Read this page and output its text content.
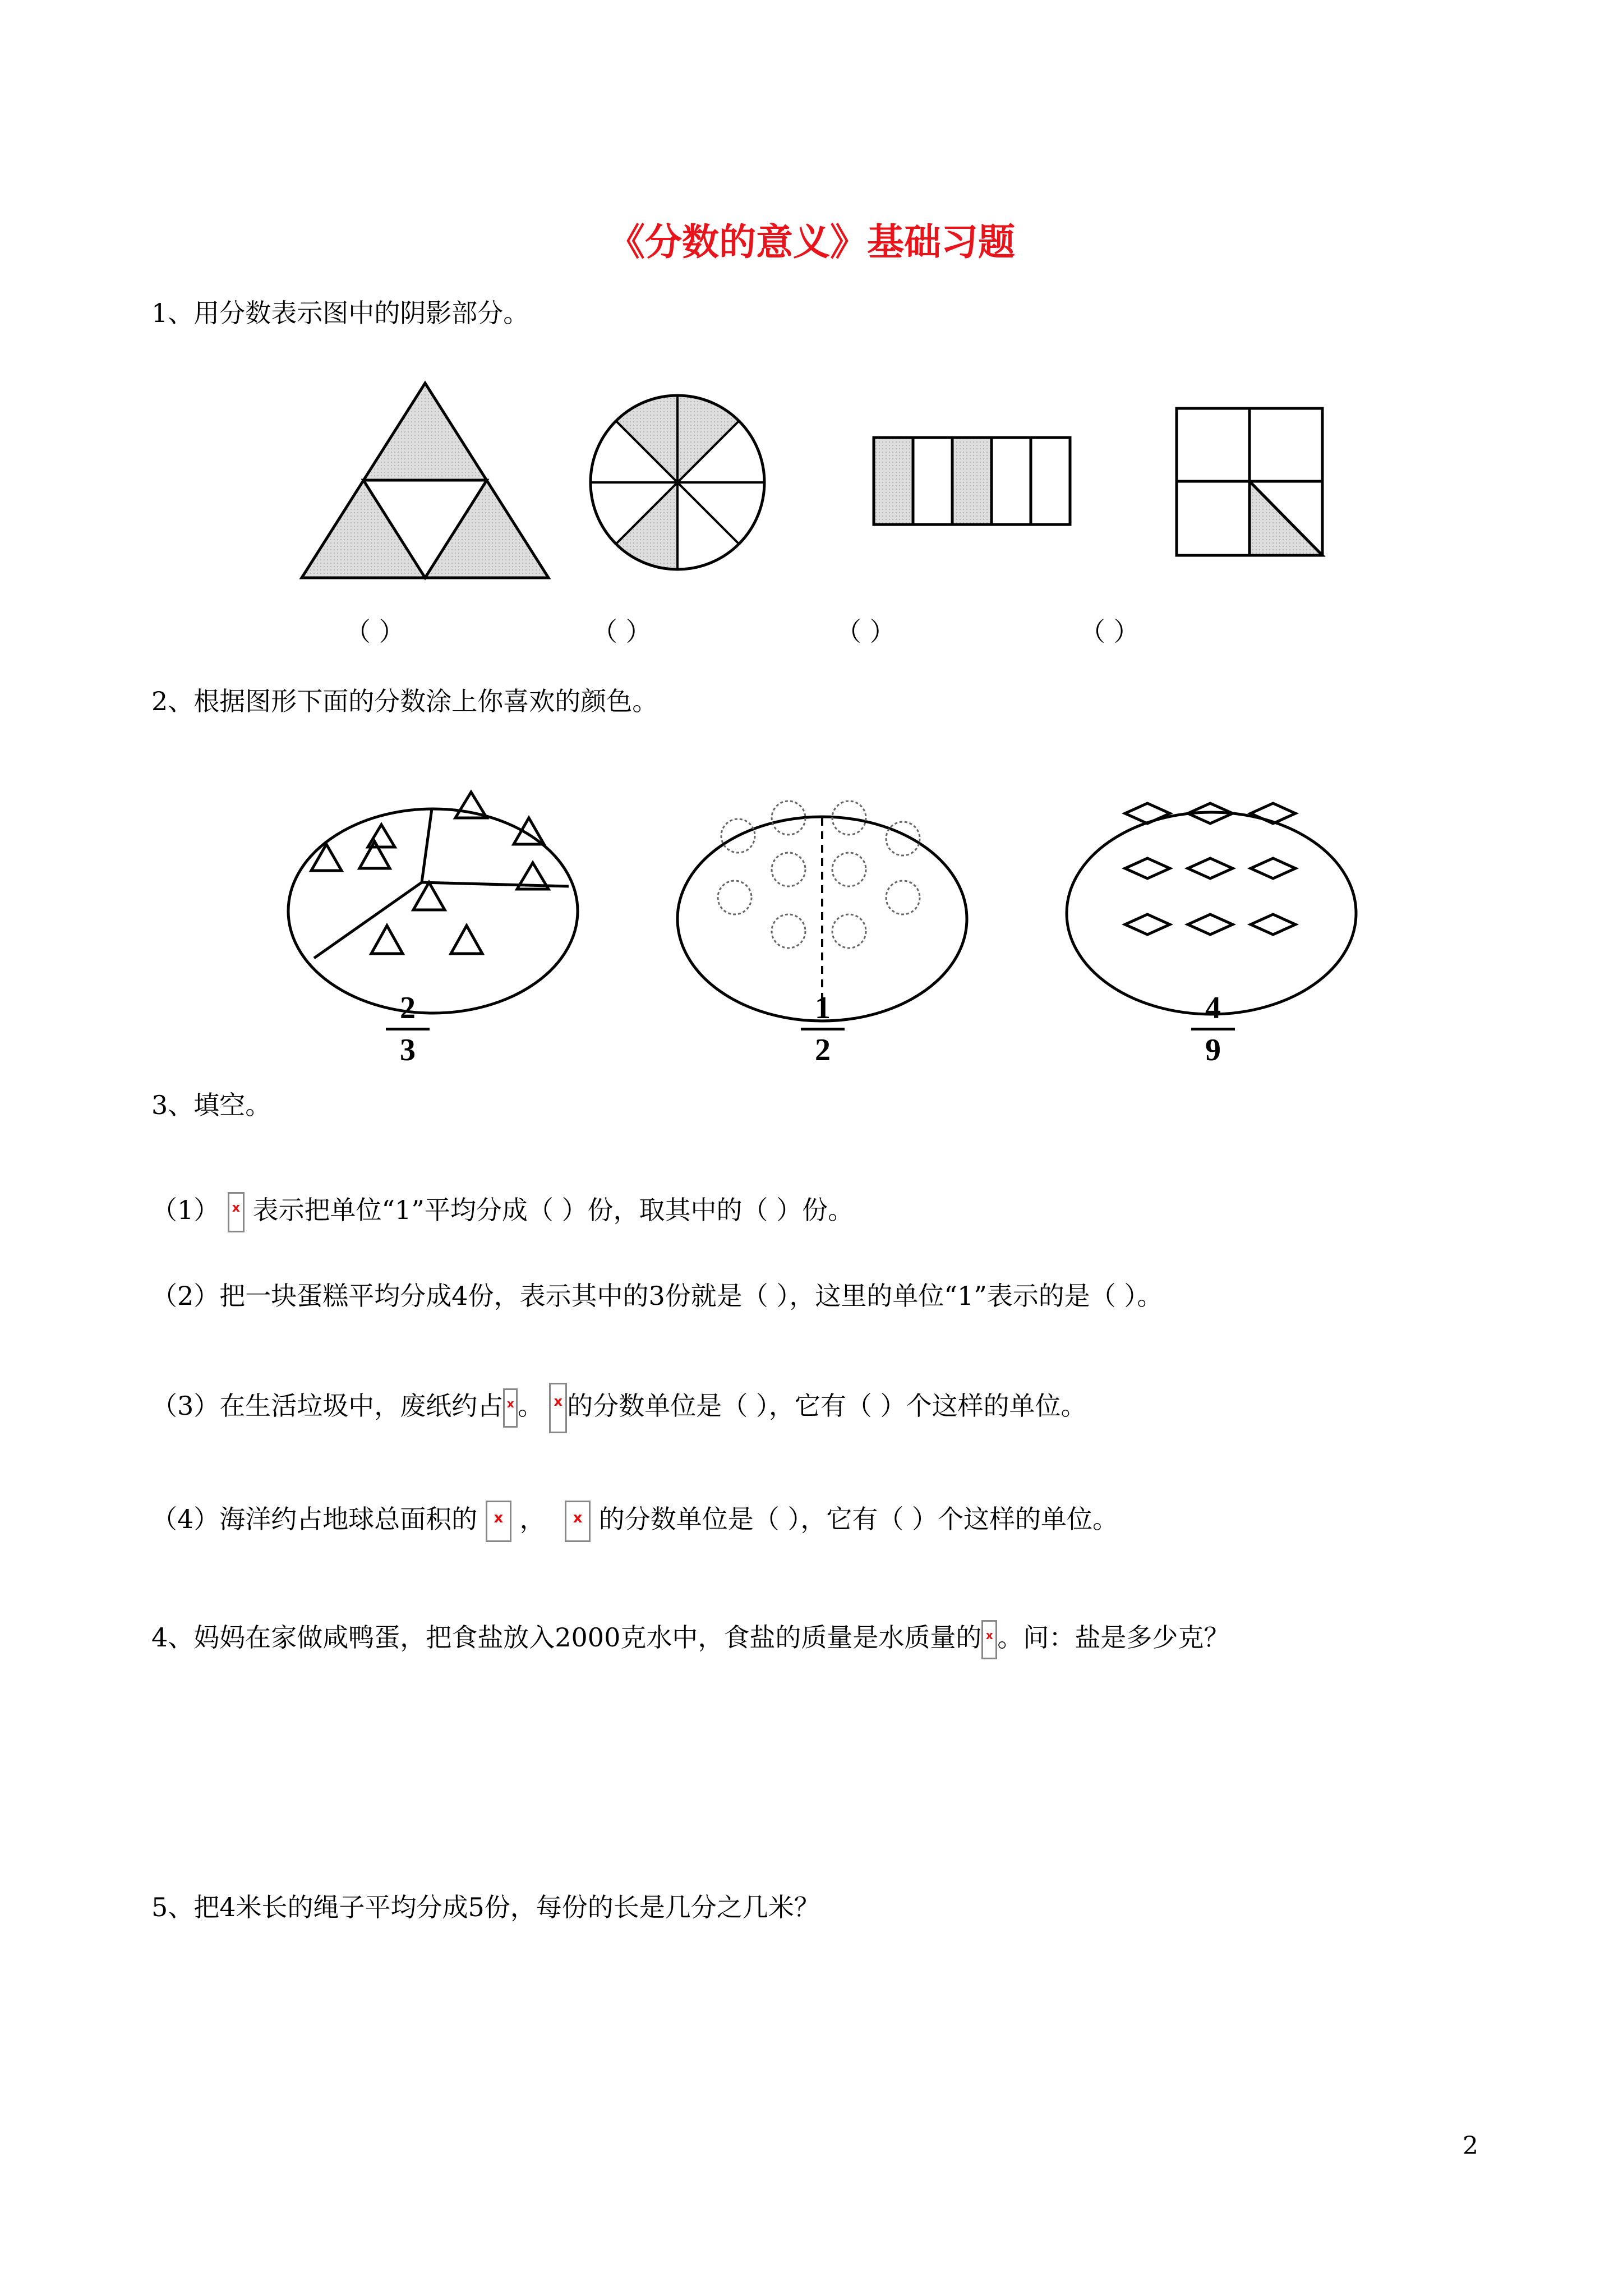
《分数的意义》基础习题
1、用分数表示图中的阴影部分。
（ ）	（ ）	（ ）	（ ）
2、根据图形下面的分数涂上你喜欢的颜色。
2
3
1
2
4
9
3、填空。
（1） x 表示把单位“1”平均分成（ ）份，取其中的（ ）份。
（2）把一块蛋糕平均分成4份，表示其中的3份就是（ ），这里的单位“1”表示的是（ ）。
（3）在生活垃圾中，废纸约占 x 。 x 的分数单位是（ ），它有（ ）个这样的单位。
（4）海洋约占地球总面积的	x ，	x 的分数单位是（ ），它有（ ）个这样的单位。
4、妈妈在家做咸鸭蛋，把食盐放入2000克水中，食盐的质量是水质量的 x 。问：盐是多少克？
5、把4米长的绳子平均分成5份，每份的长是几分之几米？
2
